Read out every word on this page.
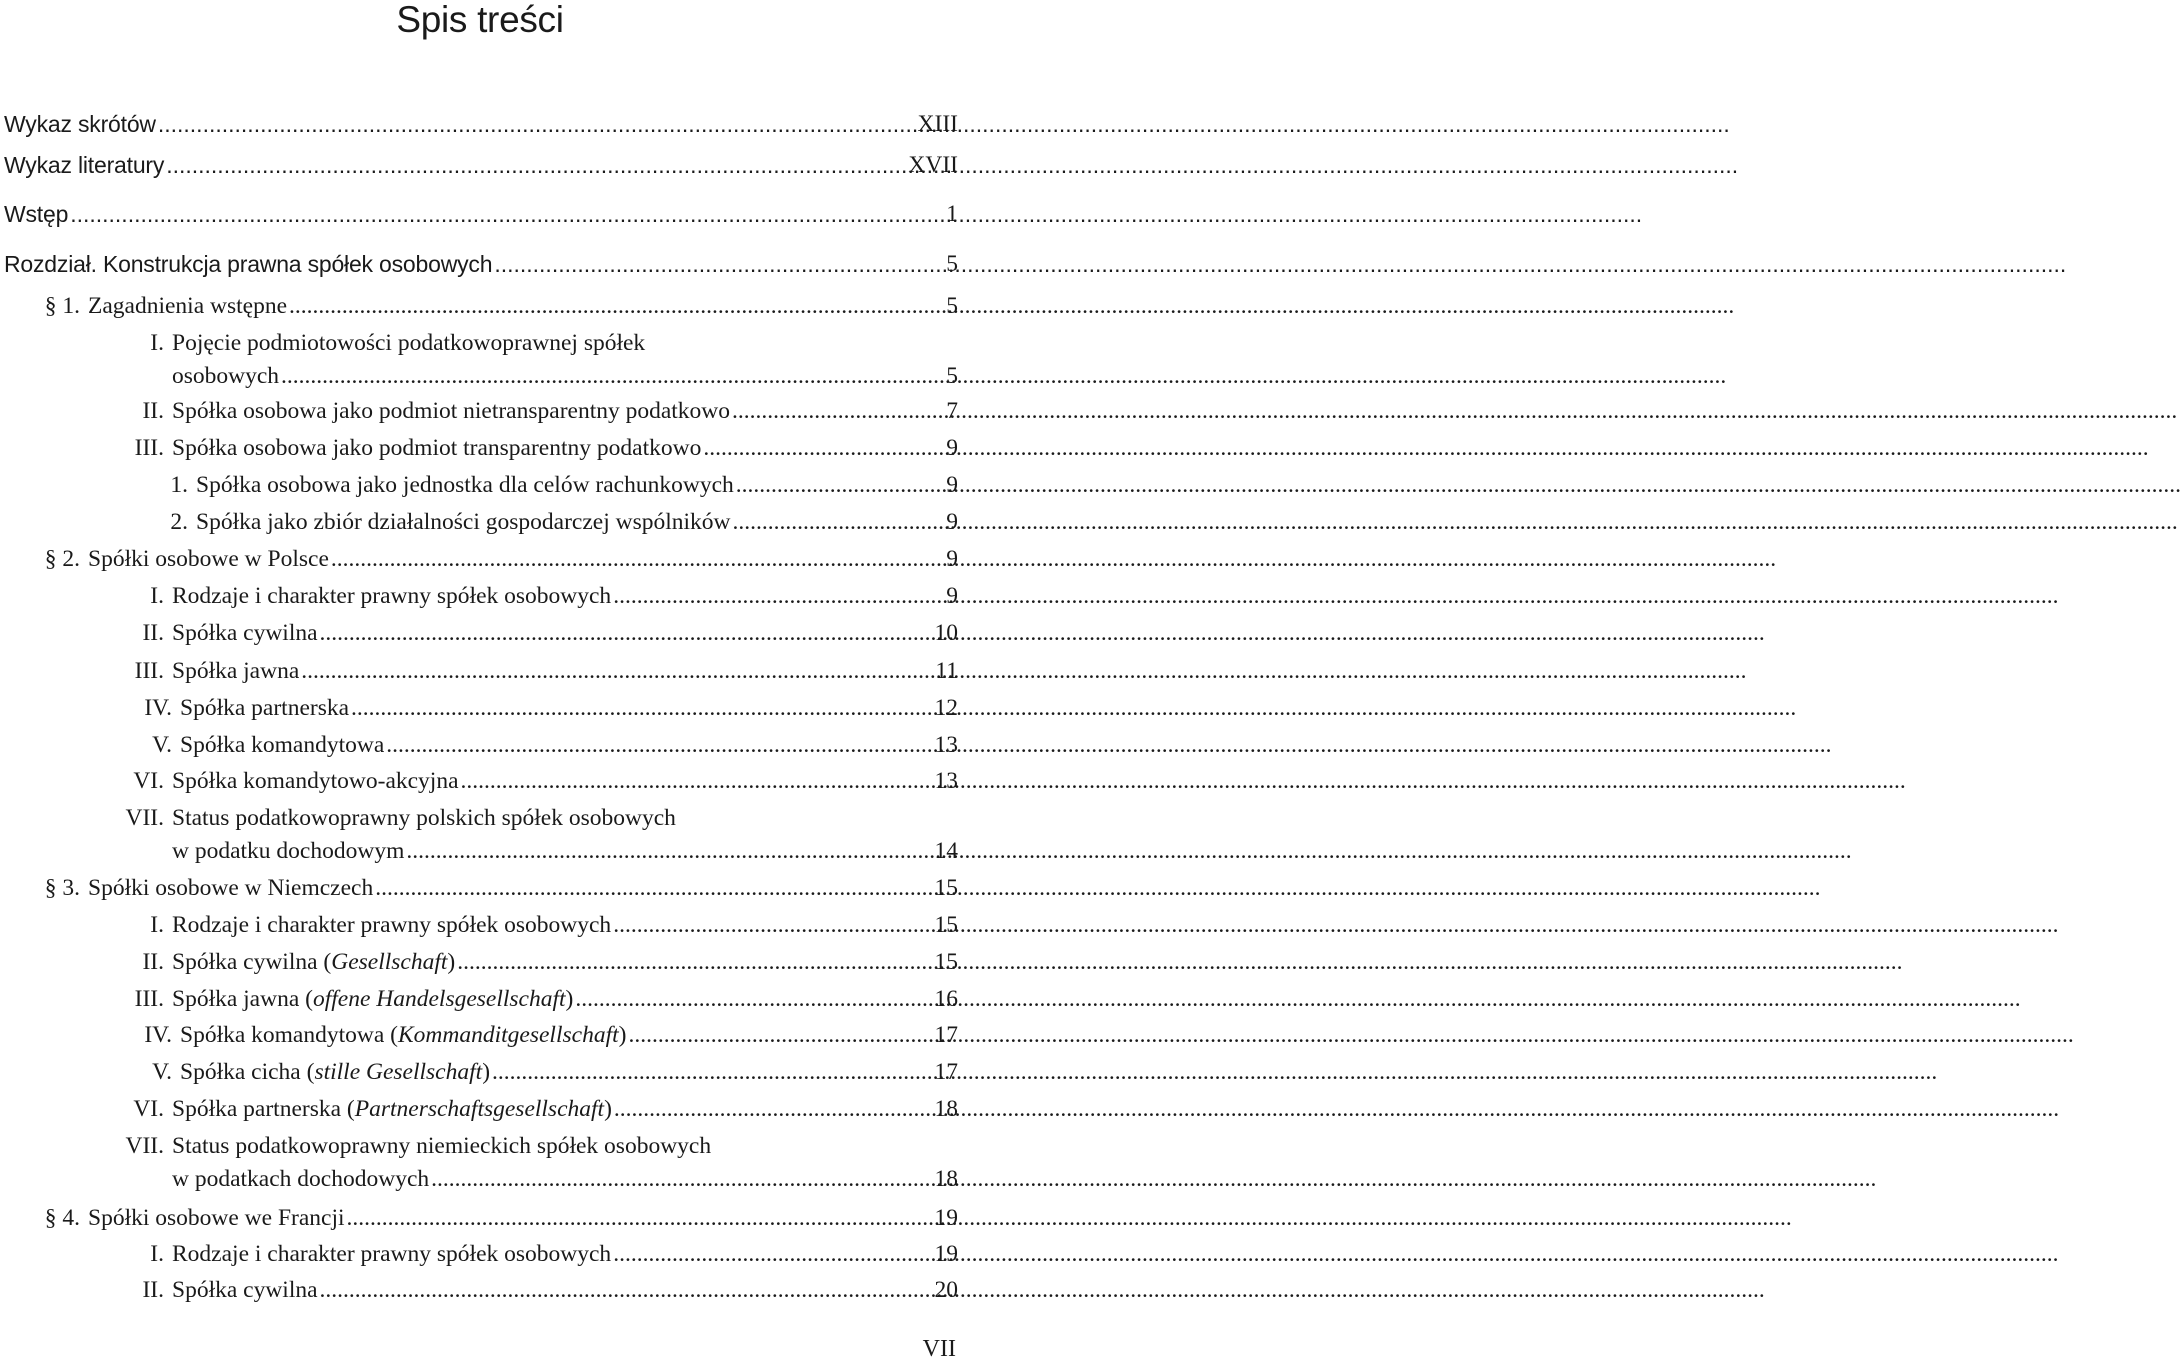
Spis treści
Wykaz skrótów .....	XIII
Wykaz literatury .....	XVII
Wstęp .....	1
Rozdział. Konstrukcja prawna spółek osobowych .....	5
§ 1. Zagadnienia wstępne .....	5
I. Pojęcie podmiotowości podatkowoprawnej spółek
osobowych .....	5
II. Spółka osobowa jako podmiot nietransparentny podatkowo .....	7
III. Spółka osobowa jako podmiot transparentny podatkowo .....	9
1. Spółka osobowa jako jednostka dla celów rachunkowych .....	9
2. Spółka jako zbiór działalności gospodarczej wspólników .....	9
§ 2. Spółki osobowe w Polsce .....	9
I. Rodzaje i charakter prawny spółek osobowych .....	9
II. Spółka cywilna .....	10
III. Spółka jawna .....	11
IV. Spółka partnerska .....	12
V. Spółka komandytowa .....	13
VI. Spółka komandytowo-akcyjna .....	13
VII. Status podatkowoprawny polskich spółek osobowych
w podatku dochodowym .....	14
§ 3. Spółki osobowe w Niemczech .....	15
I. Rodzaje i charakter prawny spółek osobowych .....	15
II. Spółka cywilna (Gesellschaft) .....	15
III. Spółka jawna (offene Handelsgesellschaft) .....	16
IV. Spółka komandytowa (Kommanditgesellschaft) .....	17
V. Spółka cicha (stille Gesellschaft) .....	17
VI. Spółka partnerska (Partnerschaftsgesellschaft) .....	18
VII. Status podatkowoprawny niemieckich spółek osobowych
w podatkach dochodowych .....	18
§ 4. Spółki osobowe we Francji .....	19
I. Rodzaje i charakter prawny spółek osobowych .....	19
II. Spółka cywilna .....	20
VII
